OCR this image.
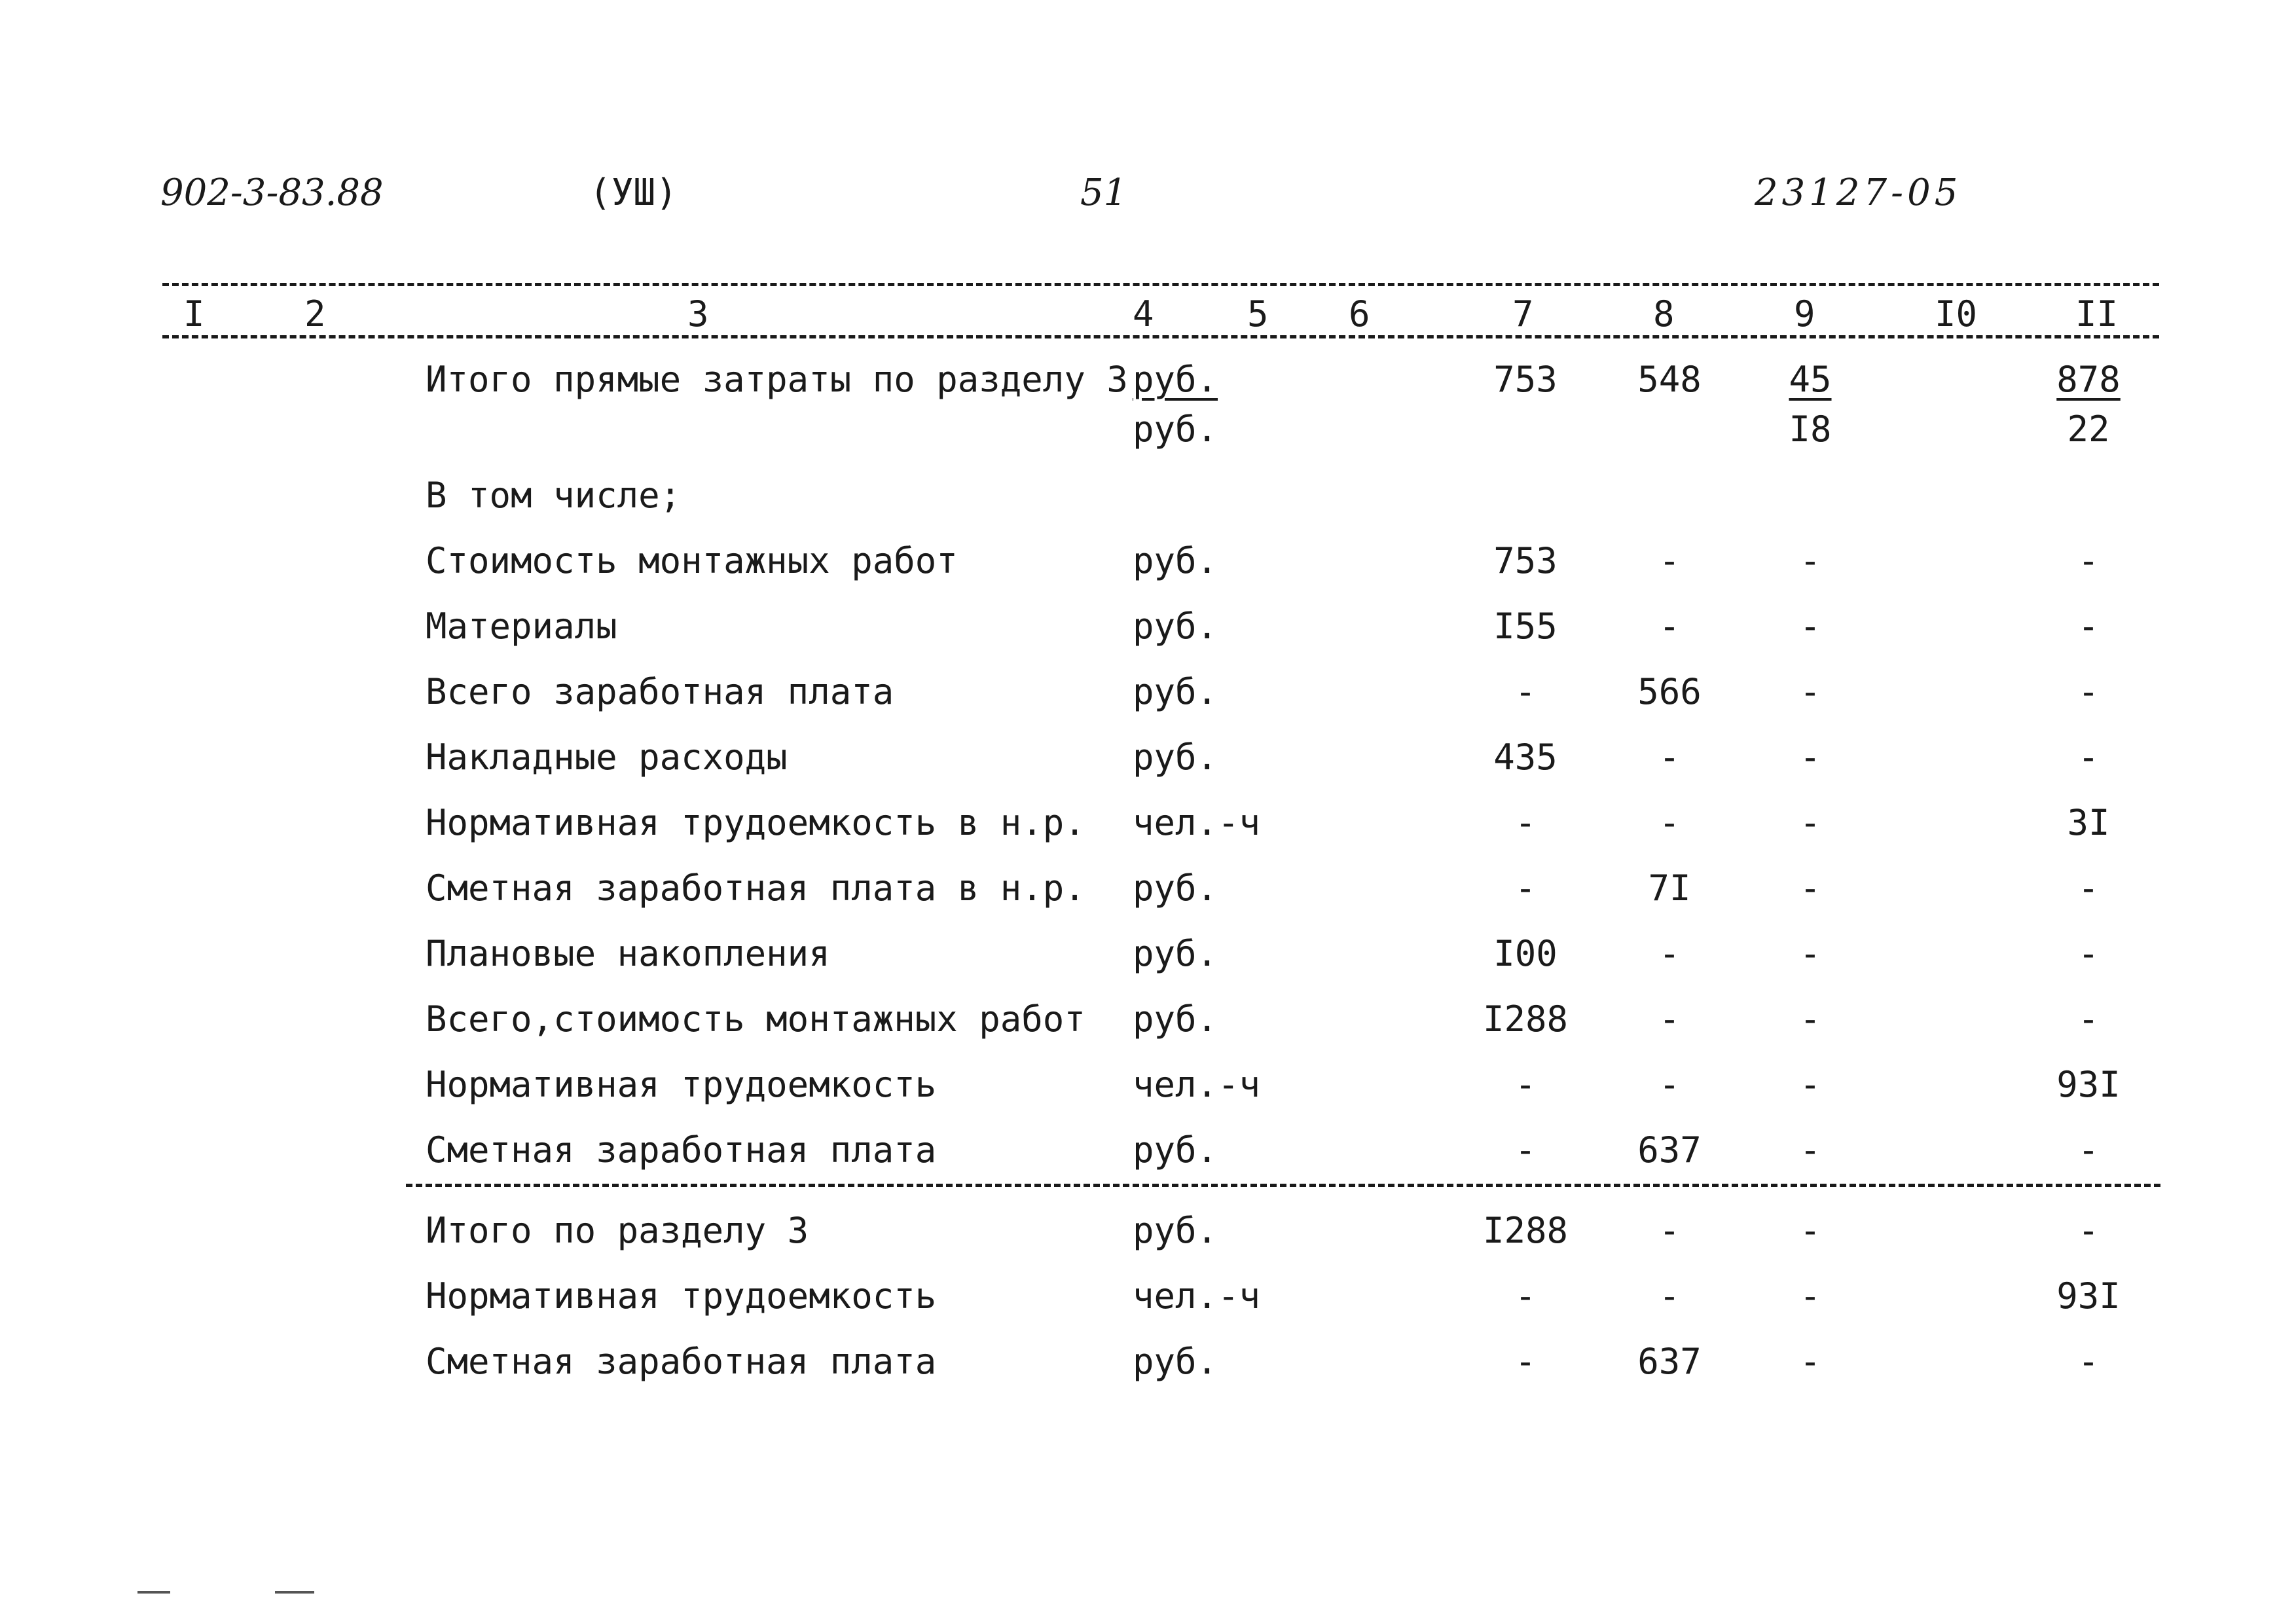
902-3-83.88	(УШ)	51	23127-05
I	2	3	4	5 6	7	8	9	I0	II
Итого прямые затраты по разделу 3 руб.	753	548	45	878
руб.	I8	22
В том числе;
Стоимость монтажных работ	руб.	753	-	-	-
Материалы	руб.	I55	-	-	-
Всего заработная плата	руб.	-	566	-	-
Накладные расходы	руб.	435	-	-	-
Нормативная трудоемкость в н.р. чел.-ч	-	-	-	3I
Сметная заработная плата в н.р. руб.	-	7I	-	-
Плановые накопления	руб.	I00	-	-	-
Всего,стоимость монтажных работ руб.	I288	-	-	-
Нормативная трудоемкость	чел.-ч	-	-	-	93I
Сметная заработная плата	руб.	-	637	-	-
Итого по разделу 3	руб.	I288	-	-	-
Нормативная трудоемкость	чел.-ч	-	-	-	93I
Сметная заработная плата	руб.	-	637	-	-
